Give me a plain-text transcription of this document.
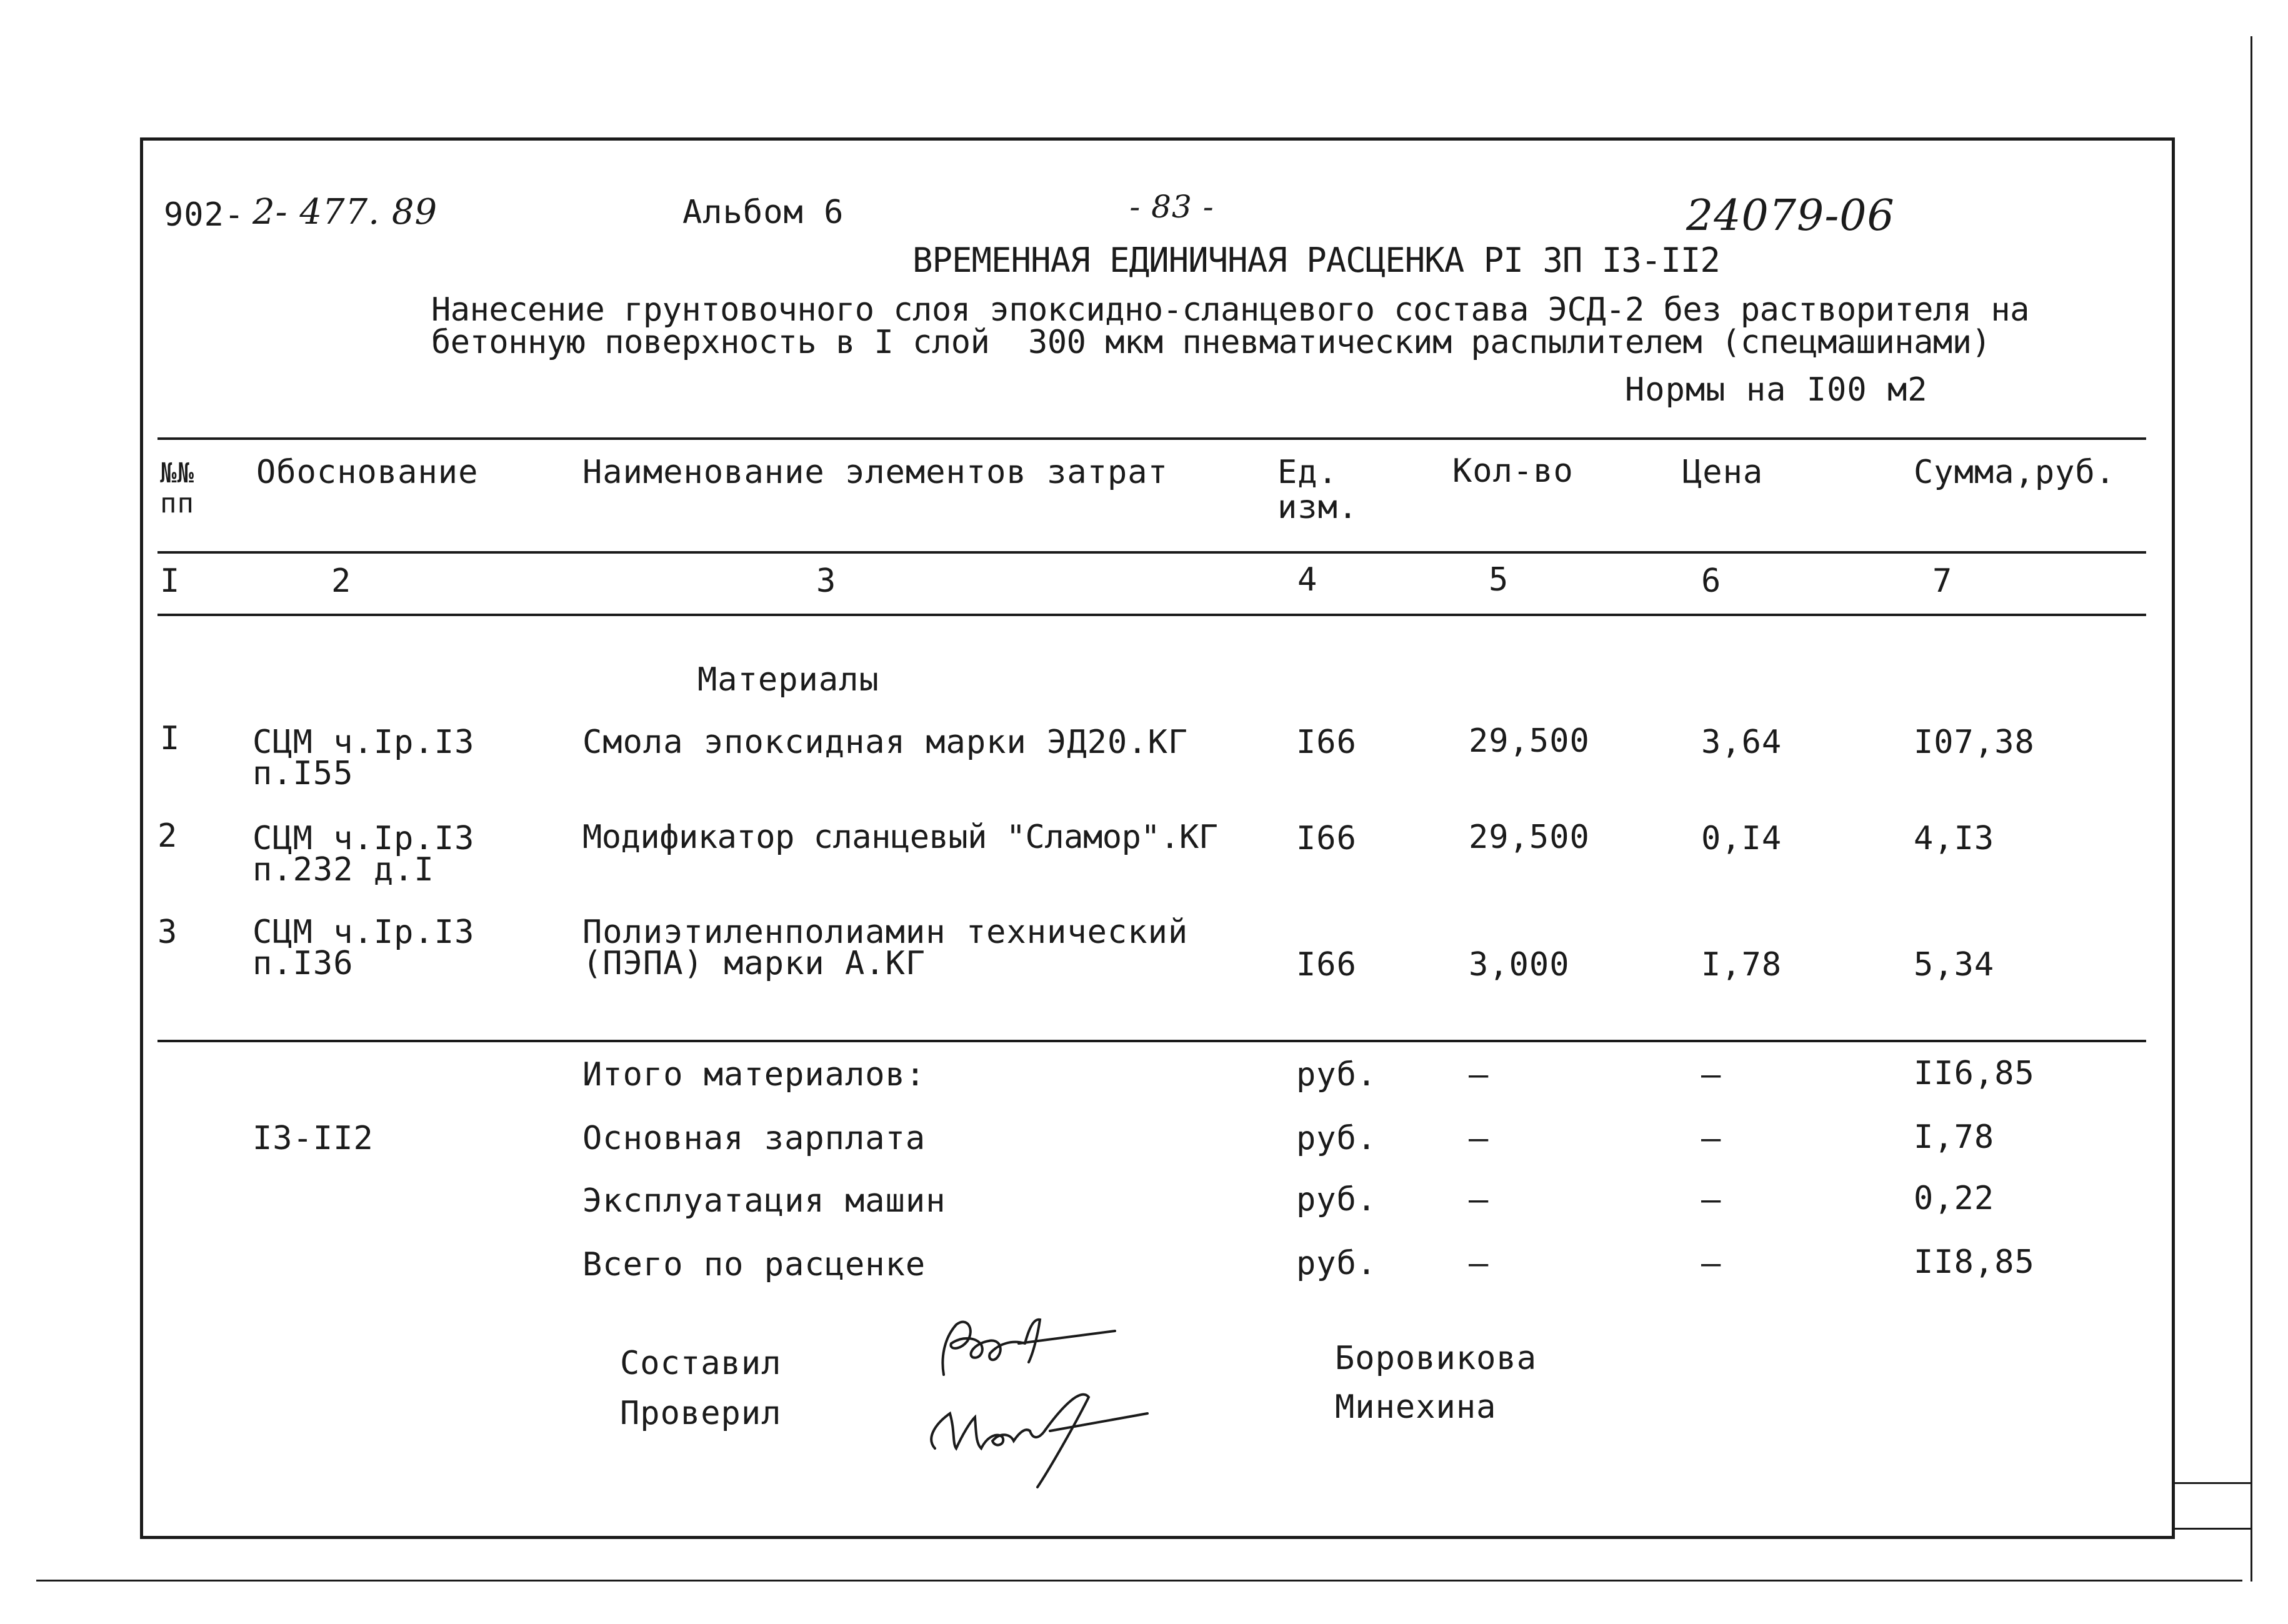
902- 2- 477. 89	Альбом 6	- 83 -	24079-06
ВРЕМЕННАЯ ЕДИНИЧНАЯ РАСЦЕНКА РI ЗП I3-II2
Нанесение грунтовочного слоя эпоксидно-сланцевого состава ЭСД-2 без растворителя на
бетонную поверхность в I слой  300 мкм пневматическим распылителем (спецмашинами)
Нормы на I00 м2
№№
пп
Обоснование	Наименование элементов затрат	Ед.
изм.
Кол-во	Цена	Сумма,руб.
I	2	3	4	5	6	7
Материалы
I СЦМ ч.Iр.I3
п.I55
Смола эпоксидная марки ЭД20.КГ	I66	29,500	3,64	I07,38
2 СЦМ ч.Iр.I3
п.232 д.I
Модификатор сланцевый "Сламор".КГ I66	29,500	0,I4	4,I3
3 СЦМ ч.Iр.I3
п.I36
Полиэтиленполиамин технический
(ПЭПА) марки А.КГ	I66	3,000	I,78	5,34
Итого материалов:	руб.	–	–	II6,85
I3-II2	Основная зарплата	руб.	–	–	I,78
Эксплуатация машин	руб.	–	–	0,22
Всего по расценке	руб.	–	–	II8,85
Составил
Проверил
Боровикова
Минехина
